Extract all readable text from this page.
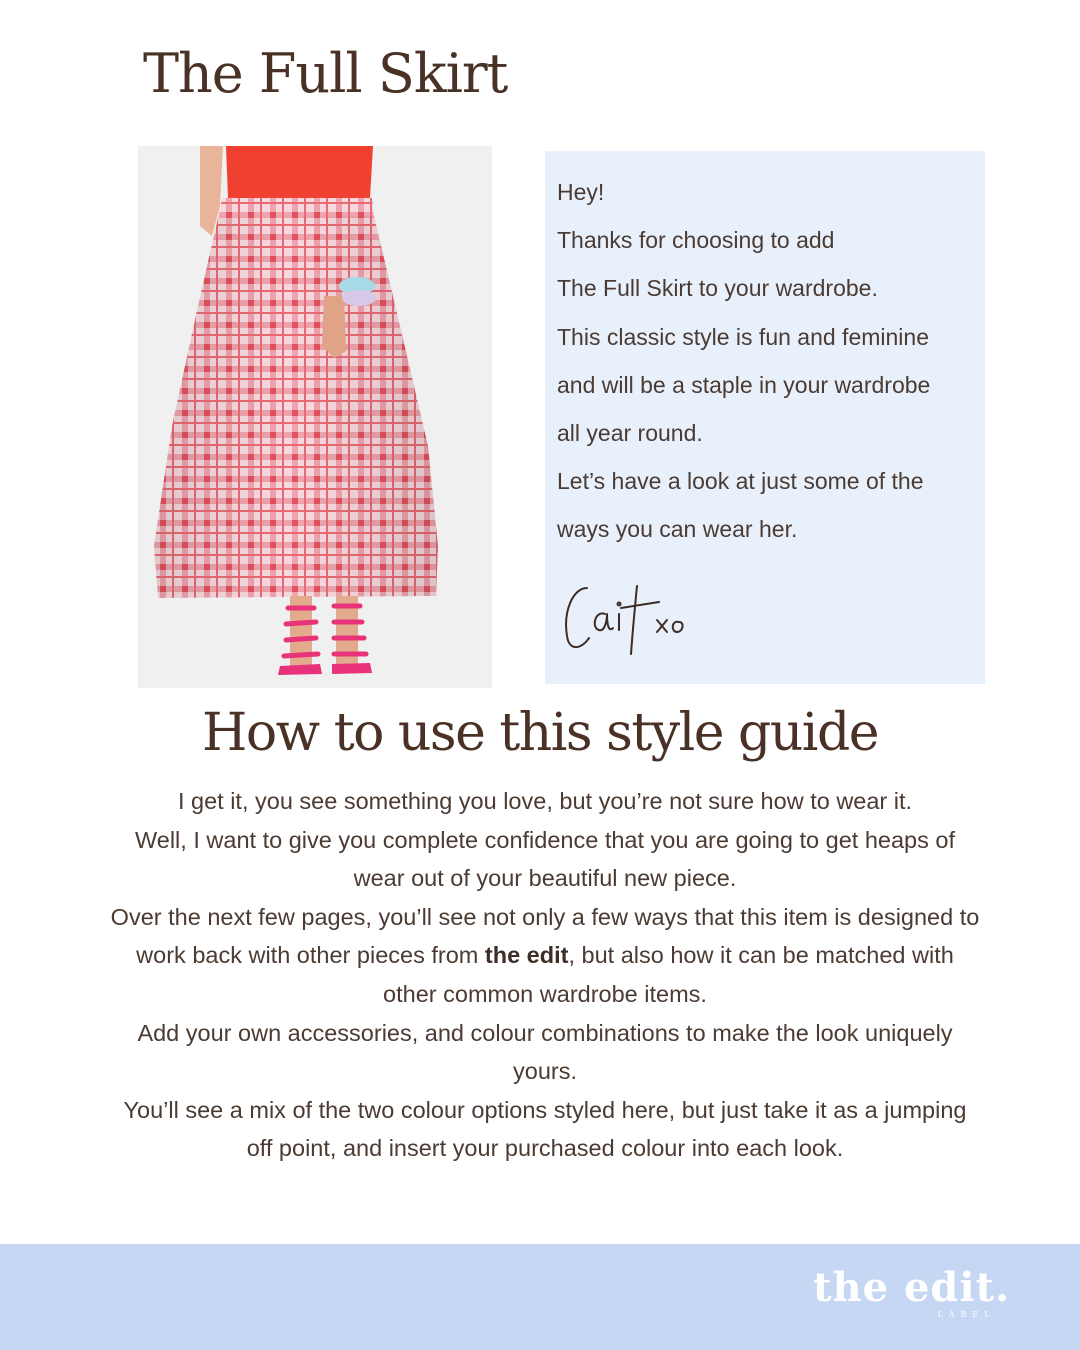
The Full Skirt
Hey!
Thanks for choosing to add
The Full Skirt to your wardrobe.
This classic style is fun and feminine
and will be a staple in your wardrobe
all year round.
Let’s have a look at just some of the
ways you can wear her.
How to use this style guide

I get it, you see something you love, but you’re not sure how to wear it.

Well, I want to give you complete confidence that you are going to get heaps of wear out of your beautiful new piece.

Over the next few pages, you’ll see not only a few ways that this item is designed to work back with other pieces from the edit, but also how it can be matched with other common wardrobe items.

Add your own accessories, and colour combinations to make the look uniquely yours.

You’ll see a mix of the two colour options styled here, but just take it as a jumping off point, and insert your purchased colour into each look.

the edit.
LABEL
